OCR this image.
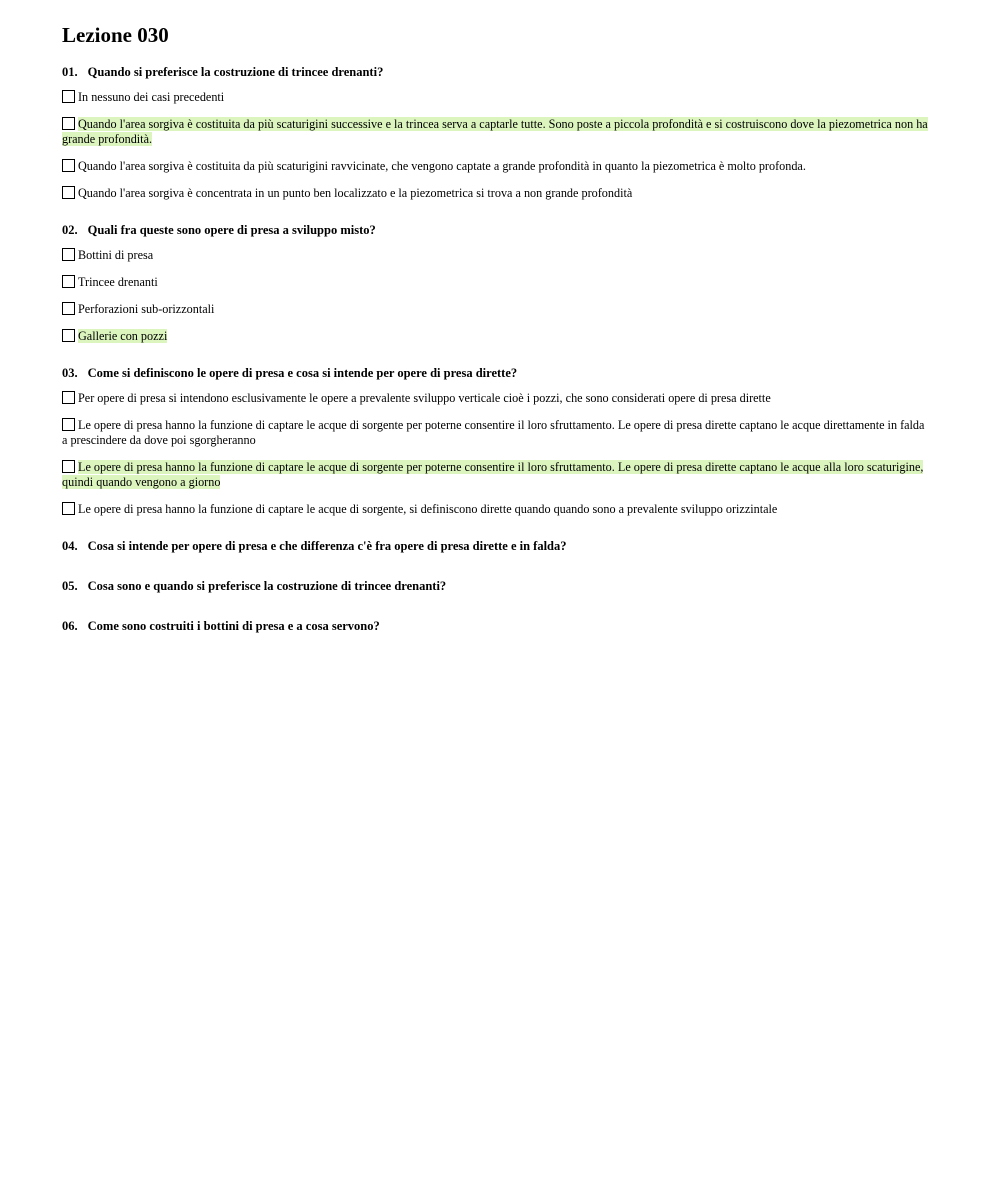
Lezione 030
01. Quando si preferisce la costruzione di trincee drenanti?
In nessuno dei casi precedenti
Quando l'area sorgiva è costituita da più scaturigini successive e la trincea serva a captarle tutte. Sono poste a piccola profondità e si costruiscono dove la piezometrica non ha grande profondità.
Quando l'area sorgiva è costituita da più scaturigini ravvicinate, che vengono captate a grande profondità in quanto la piezometrica è molto profonda.
Quando l'area sorgiva è concentrata in un punto ben localizzato e la piezometrica si trova a non grande profondità
02. Quali fra queste sono opere di presa a sviluppo misto?
Bottini di presa
Trincee drenanti
Perforazioni sub-orizzontali
Gallerie con pozzi
03. Come si definiscono le opere di presa e cosa si intende per opere di presa dirette?
Per opere di presa si intendono esclusivamente le opere a prevalente sviluppo verticale cioè i pozzi, che sono considerati opere di presa dirette
Le opere di presa hanno la funzione di captare le acque di sorgente per poterne consentire il loro sfruttamento. Le opere di presa dirette captano le acque direttamente in falda a prescindere da dove poi sgorgheranno
Le opere di presa hanno la funzione di captare le acque di sorgente per poterne consentire il loro sfruttamento. Le opere di presa dirette captano le acque alla loro scaturigine, quindi quando vengono a giorno
Le opere di presa hanno la funzione di captare le acque di sorgente, si definiscono dirette quando quando sono a prevalente sviluppo orizzintale
04. Cosa si intende per opere di presa e che differenza c'è fra opere di presa dirette e in falda?
05. Cosa sono e quando si preferisce la costruzione di trincee drenanti?
06. Come sono costruiti i bottini di presa e a cosa servono?
